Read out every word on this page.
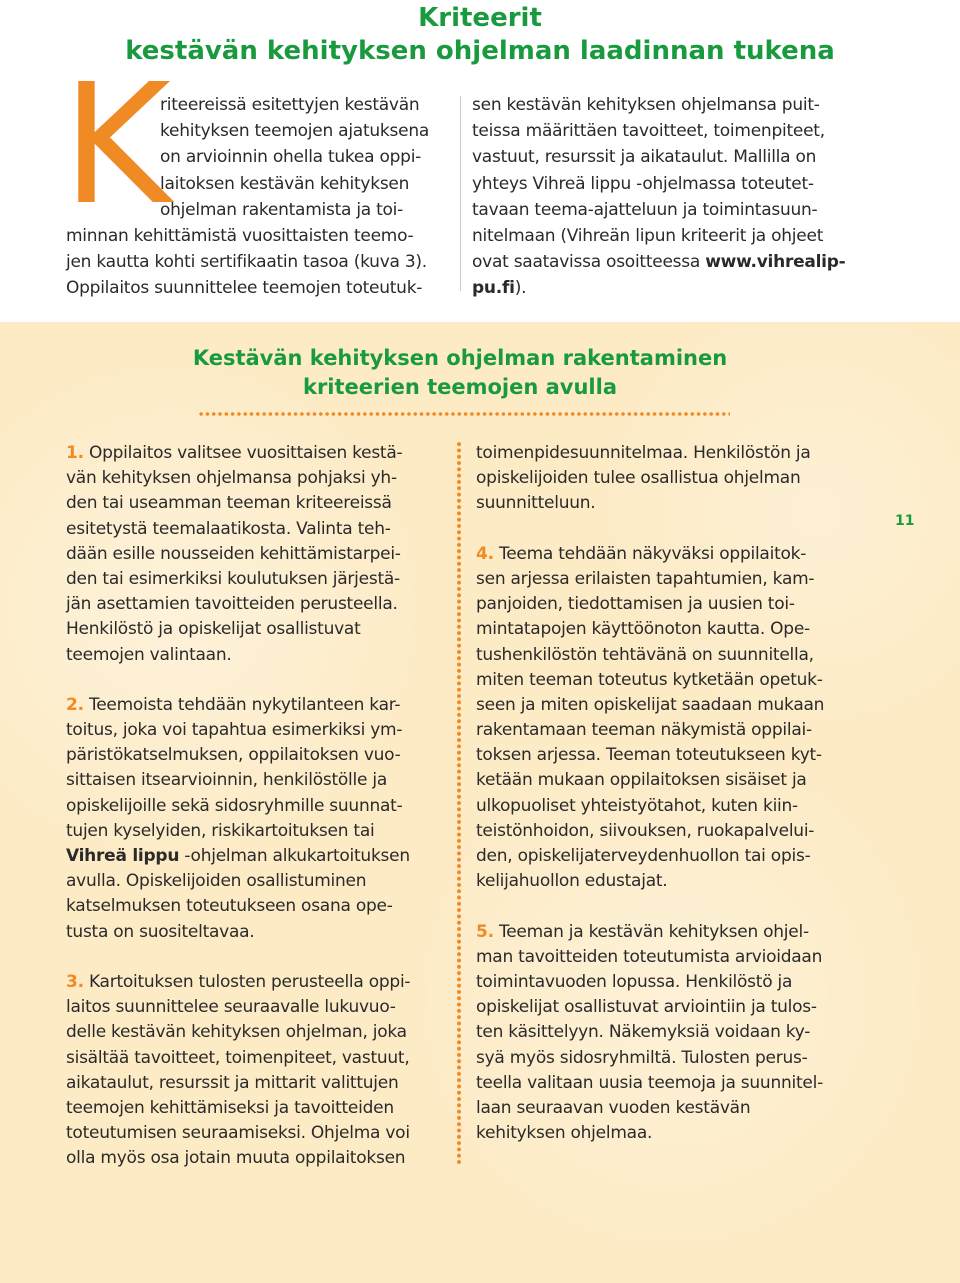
Kriteerit
kestävän kehityksen ohjelman laadinnan tukena
K
riteereissä esitettyjen kestävän
kehityksen teemojen ajatuksena
on arvioinnin ohella tukea oppi-
laitoksen kestävän kehityksen
ohjelman rakentamista ja toi-
minnan kehittämistä vuosittaisten teemo-
jen kautta kohti sertifikaatin tasoa (kuva 3).
Oppilaitos suunnittelee teemojen toteutuk-
sen kestävän kehityksen ohjelmansa puit-
teissa määrittäen tavoitteet, toimenpiteet,
vastuut, resurssit ja aikataulut. Mallilla on
yhteys Vihreä lippu -ohjelmassa toteutet-
tavaan teema-ajatteluun ja toimintasuun-
nitelmaan (Vihreän lipun kriteerit ja ohjeet
ovat saatavissa osoitteessa www.vihrealip-
pu.fi).
Kestävän kehityksen ohjelman rakentaminen
kriteerien teemojen avulla
1. Oppilaitos valitsee vuosittaisen kestä-
vän kehityksen ohjelmansa pohjaksi yh-
den tai useamman teeman kriteereissä
esitetystä teemalaatikosta. Valinta teh-
dään esille nousseiden kehittämistarpei-
den tai esimerkiksi koulutuksen järjestä-
jän asettamien tavoitteiden perusteella.
Henkilöstö ja opiskelijat osallistuvat
teemojen valintaan.
2. Teemoista tehdään nykytilanteen kar-
toitus, joka voi tapahtua esimerkiksi ym-
päristökatselmuksen, oppilaitoksen vuo-
sittaisen itsearvioinnin, henkilöstölle ja
opiskelijoille sekä sidosryhmille suunnat-
tujen kyselyiden, riskikartoituksen tai
Vihreä lippu -ohjelman alkukartoituksen
avulla. Opiskelijoiden osallistuminen
katselmuksen toteutukseen osana ope-
tusta on suositeltavaa.
3. Kartoituksen tulosten perusteella oppi-
laitos suunnittelee seuraavalle lukuvuo-
delle kestävän kehityksen ohjelman, joka
sisältää tavoitteet, toimenpiteet, vastuut,
aikataulut, resurssit ja mittarit valittujen
teemojen kehittämiseksi ja tavoitteiden
toteutumisen seuraamiseksi. Ohjelma voi
olla myös osa jotain muuta oppilaitoksen
toimenpidesuunnitelmaa. Henkilöstön ja
opiskelijoiden tulee osallistua ohjelman
suunnitteluun.
4. Teema tehdään näkyväksi oppilaitok-
sen arjessa erilaisten tapahtumien, kam-
panjoiden, tiedottamisen ja uusien toi-
mintatapojen käyttöönoton kautta. Ope-
tushenkilöstön tehtävänä on suunnitella,
miten teeman toteutus kytketään opetuk-
seen ja miten opiskelijat saadaan mukaan
rakentamaan teeman näkymistä oppilai-
toksen arjessa. Teeman toteutukseen kyt-
ketään mukaan oppilaitoksen sisäiset ja
ulkopuoliset yhteistyötahot, kuten kiin-
teistönhoidon, siivouksen, ruokapalvelui-
den, opiskelijaterveydenhuollon tai opis-
kelijahuollon edustajat.
5. Teeman ja kestävän kehityksen ohjel-
man tavoitteiden toteutumista arvioidaan
toimintavuoden lopussa. Henkilöstö ja
opiskelijat osallistuvat arviointiin ja tulos-
ten käsittelyyn. Näkemyksiä voidaan ky-
syä myös sidosryhmiltä. Tulosten perus-
teella valitaan uusia teemoja ja suunnitel-
laan seuraavan vuoden kestävän
kehityksen ohjelmaa.
11
